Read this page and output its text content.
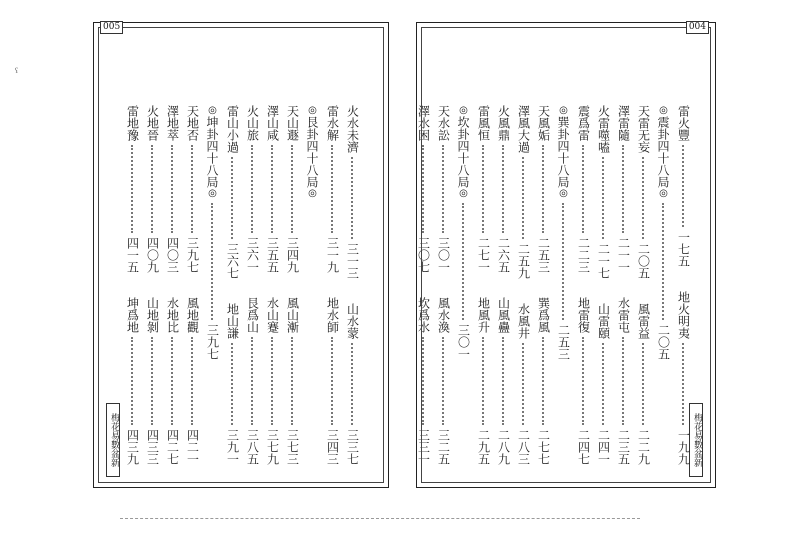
ˁ
005
梅花易數盆新
火水未濟
三一三
山水蒙
三三七
雷水解
三一九
地水師
三四三
◎ 艮卦四十八局 ◎
天山遯
三四九
風山漸
三七三
澤山咸
三五五
水山蹇
三七九
火山旅
三六一
艮爲山
三八五
雷山小過
三六七
地山謙
三九一
◎ 坤卦四十八局 ◎
三九七
天地否
三九七
風地觀
四二一
澤地萃
四〇三
水地比
四二七
火地晉
四〇九
山地剝
四三三
雷地豫
四一五
坤爲地
四三九
004
梅花易數盆新
雷火豐
一七五
地火明夷
一九九
◎ 震卦四十八局 ◎
二〇五
天雷无妄
二〇五
風雷益
二二九
澤雷隨
二一一
水雷屯
二三五
火雷噬嗑
二一七
山雷頤
二四一
震爲雷
二二三
地雷復
二四七
◎ 巽卦四十八局 ◎
二五三
天風姤
二五三
巽爲風
二七七
澤風大過
二五九
水風井
二八三
火風鼎
二六五
山風蠱
二八九
雷風恒
二七一
地風升
二九五
◎ 坎卦四十八局 ◎
三〇一
天水訟
三〇一
風水渙
三二五
澤水困
三〇七
坎爲水
三三一
